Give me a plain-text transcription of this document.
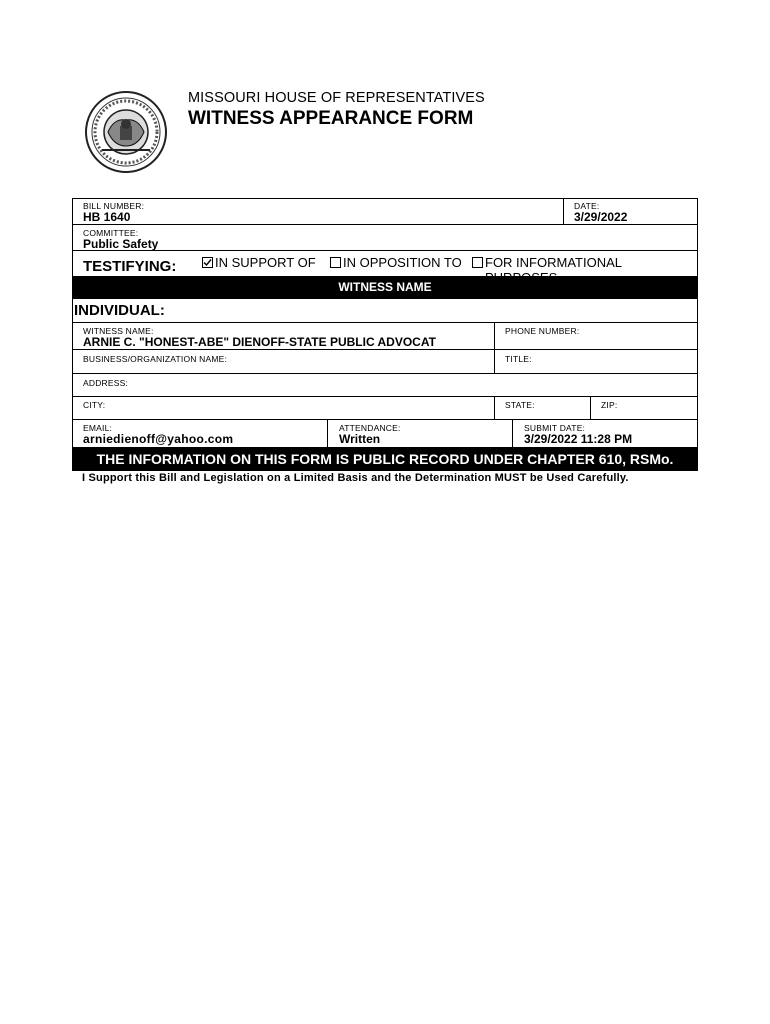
MISSOURI HOUSE OF REPRESENTATIVES
WITNESS APPEARANCE FORM
BILL NUMBER:
HB 1640
DATE:
3/29/2022
COMMITTEE:
Public Safety
TESTIFYING:	IN SUPPORT OF IN OPPOSITION TO FOR INFORMATIONAL
WITNESS NAME
INDIVIDUAL:
WITNESS NAME:
ARNIE C. "HONEST-ABE" DIENOFF-STATE PUBLIC ADVOCAT
PHONE NUMBER:
BUSINESS/ORGANIZATION NAME:	TITLE:
ADDRESS:
CITY:	STATE:	ZIP:
EMAIL:
arniedienoff@yahoo.com
ATTENDANCE:
Written
SUBMIT DATE:
3/29/2022 11:28 PM
THE INFORMATION ON THIS FORM IS PUBLIC RECORD UNDER CHAPTER 610, RSMo.
I Support this Bill and Legislation on a Limited Basis and the Determination MUST be Used Carefully.
